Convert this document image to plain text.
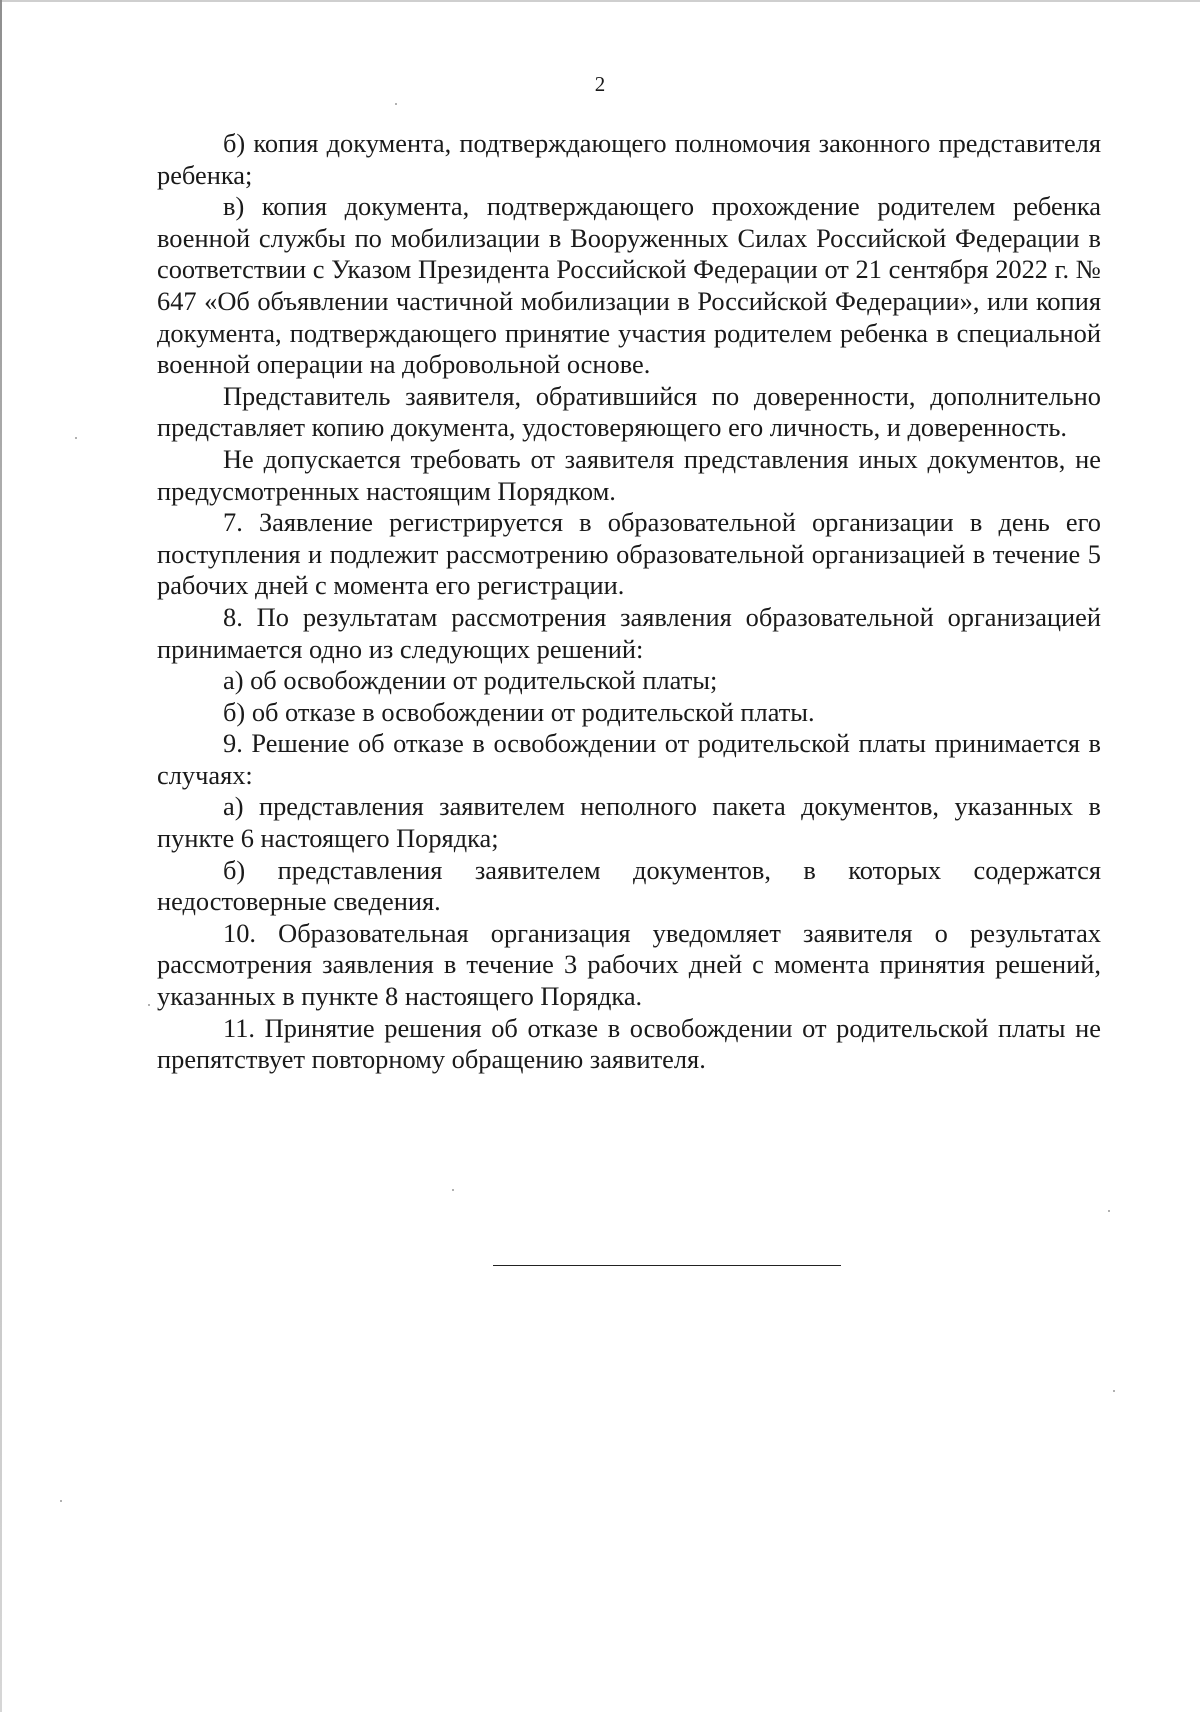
2

б) копия документа, подтверждающего полномочия законного представителя ребенка;

в) копия документа, подтверждающего прохождение родителем ребенка военной службы по мобилизации в Вооруженных Силах Российской Федерации в соответствии с Указом Президента Российской Федерации от 21 сентября 2022 г. № 647 «Об объявлении частичной мобилизации в Российской Федерации», или копия документа, подтверждающего принятие участия родителем ребенка в специальной военной операции на добровольной основе.

Представитель заявителя, обратившийся по доверенности, дополнительно представляет копию документа, удостоверяющего его личность, и доверенность.

Не допускается требовать от заявителя представления иных документов, не предусмотренных настоящим Порядком.

7. Заявление регистрируется в образовательной организации в день его поступления и подлежит рассмотрению образовательной организацией в течение 5 рабочих дней с момента его регистрации.

8. По результатам рассмотрения заявления образовательной организацией принимается одно из следующих решений:

а) об освобождении от родительской платы;

б) об отказе в освобождении от родительской платы.

9. Решение об отказе в освобождении от родительской платы принимается в случаях:

а) представления заявителем неполного пакета документов, указанных в пункте 6 настоящего Порядка;

б) представления заявителем документов, в которых содержатся недостоверные сведения.

10. Образовательная организация уведомляет заявителя о результатах рассмотрения заявления в течение 3 рабочих дней с момента принятия решений, указанных в пункте 8 настоящего Порядка.

11. Принятие решения об отказе в освобождении от родительской платы не препятствует повторному обращению заявителя.
